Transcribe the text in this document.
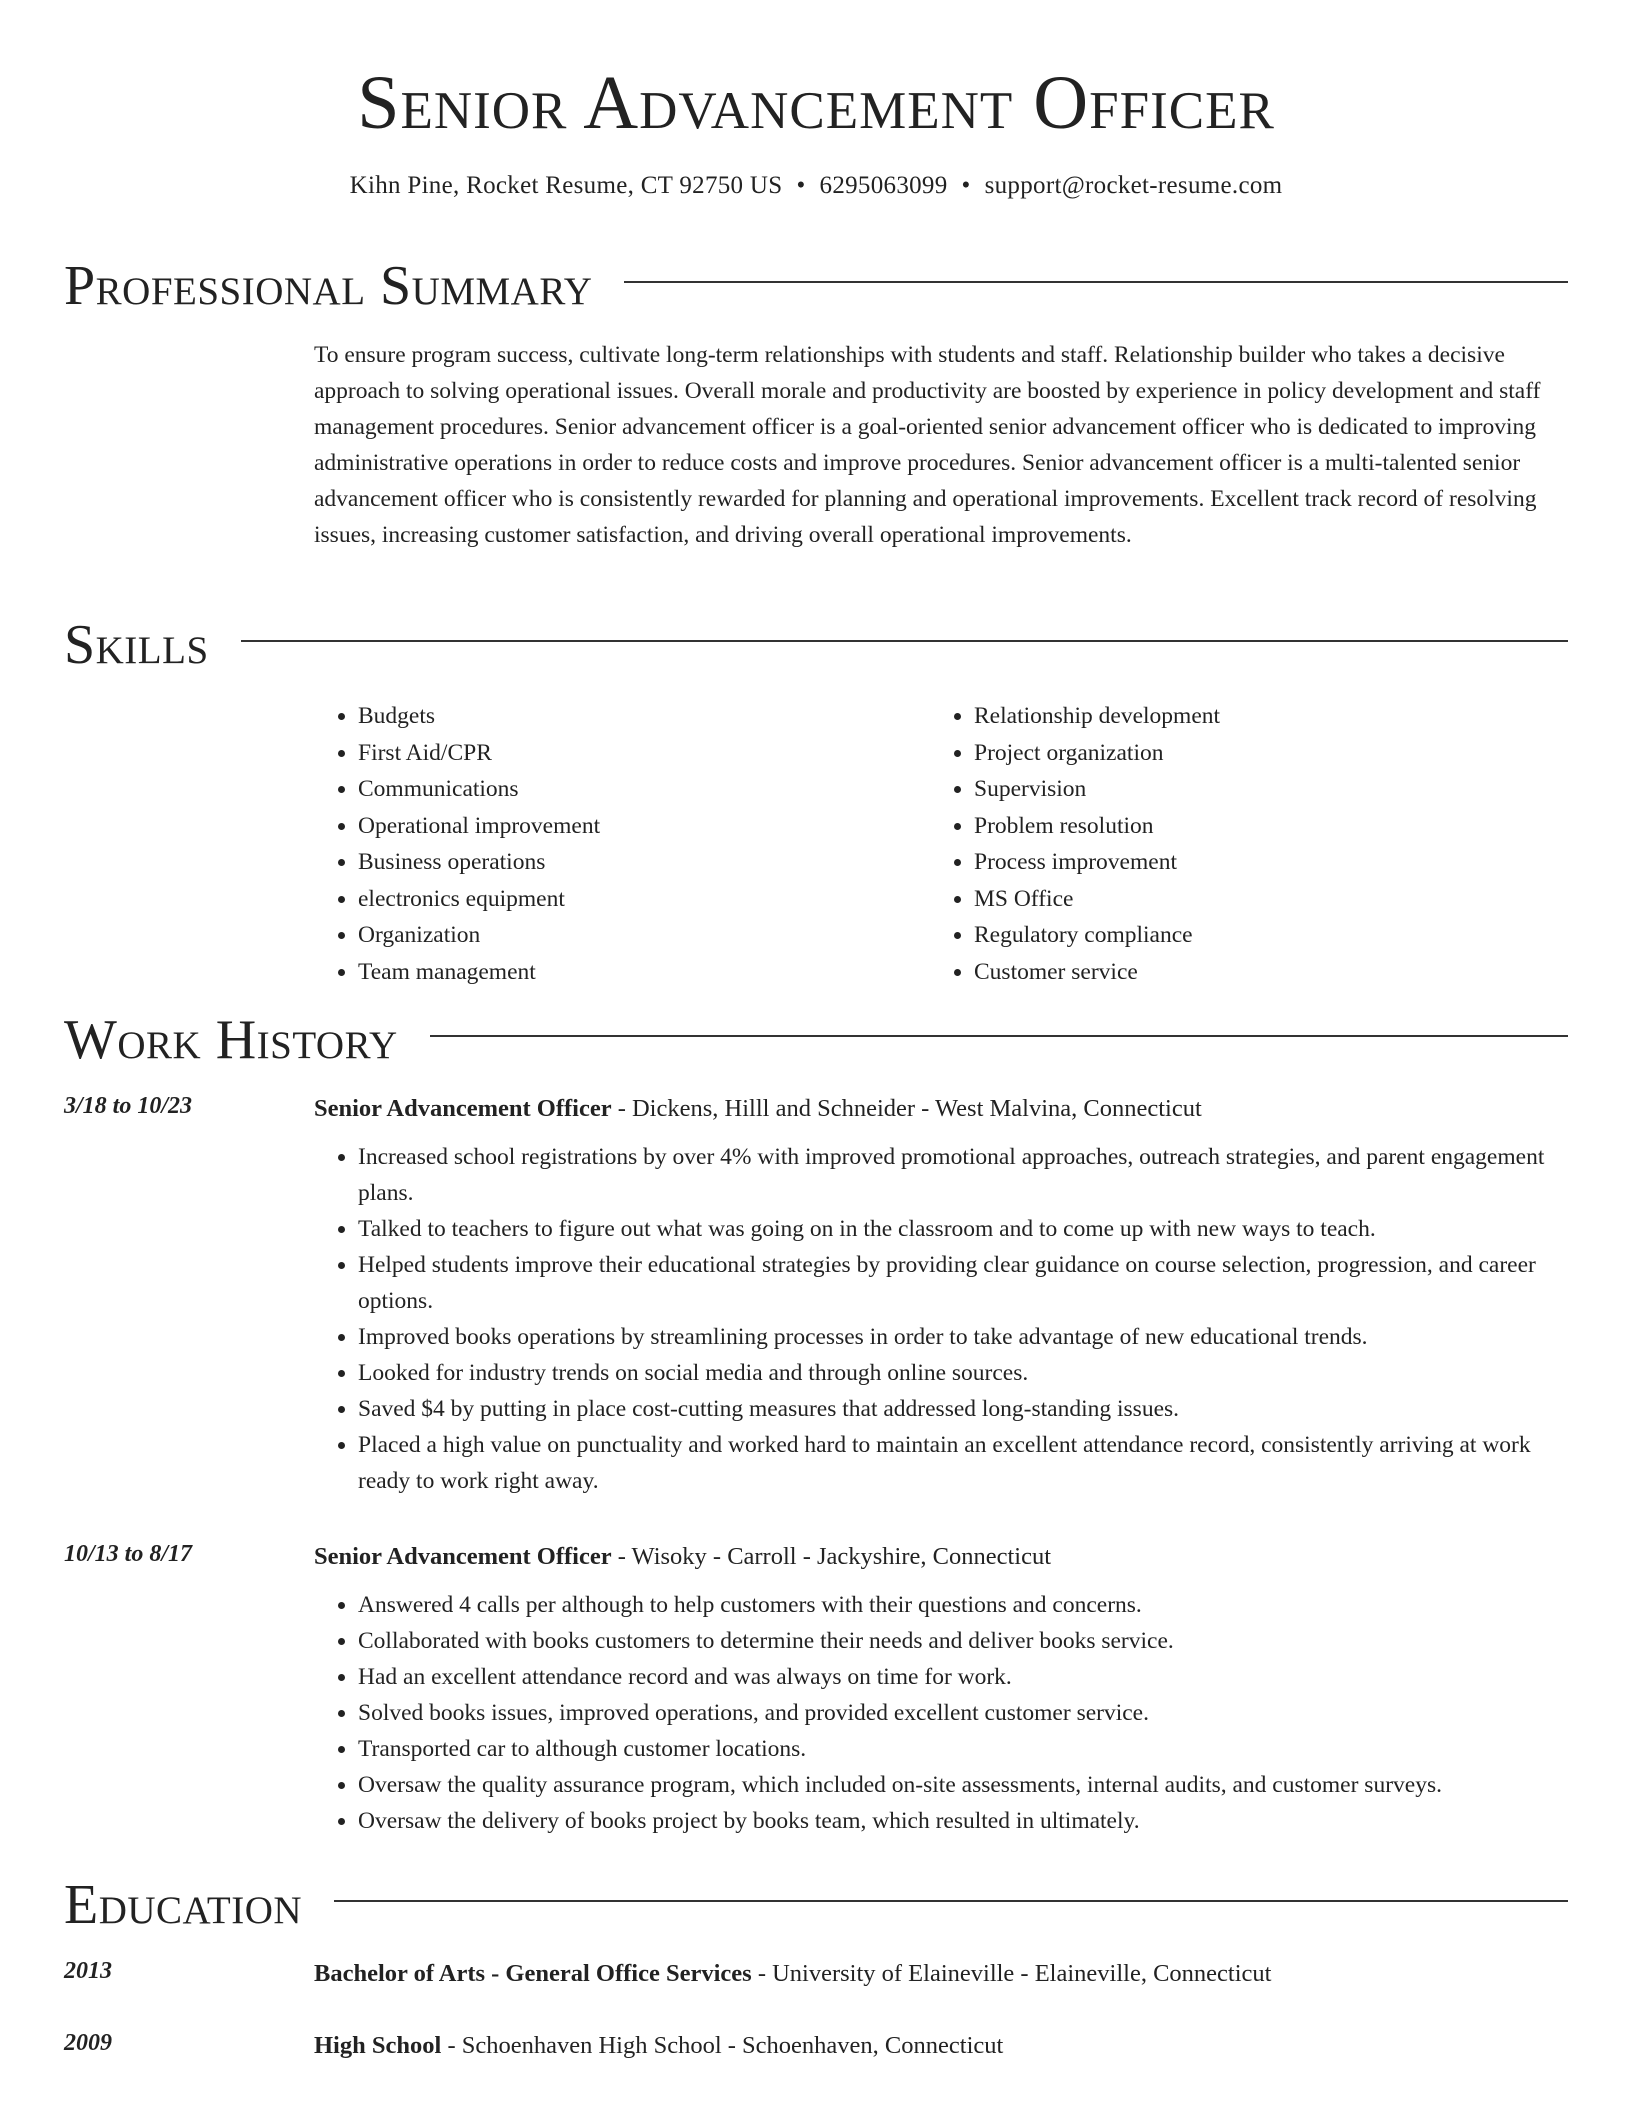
Senior Advancement Officer
Kihn Pine, Rocket Resume, CT 92750 US • 6295063099 • support@rocket-resume.com
Professional Summary
To ensure program success, cultivate long-term relationships with students and staff. Relationship builder who takes a decisive approach to solving operational issues. Overall morale and productivity are boosted by experience in policy development and staff management procedures. Senior advancement officer is a goal-oriented senior advancement officer who is dedicated to improving administrative operations in order to reduce costs and improve procedures. Senior advancement officer is a multi-talented senior advancement officer who is consistently rewarded for planning and operational improvements. Excellent track record of resolving issues, increasing customer satisfaction, and driving overall operational improvements.
Skills
• Budgets
• First Aid/CPR
• Communications
• Operational improvement
• Business operations
• electronics equipment
• Organization
• Team management
• Relationship development
• Project organization
• Supervision
• Problem resolution
• Process improvement
• MS Office
• Regulatory compliance
• Customer service
Work History
3/18 to 10/23	Senior Advancement Officer - Dickens, Hilll and Schneider - West Malvina, Connecticut
• Increased school registrations by over 4% with improved promotional approaches, outreach strategies, and parent engagement plans.
• Talked to teachers to figure out what was going on in the classroom and to come up with new ways to teach.
• Helped students improve their educational strategies by providing clear guidance on course selection, progression, and career options.
• Improved books operations by streamlining processes in order to take advantage of new educational trends.
• Looked for industry trends on social media and through online sources.
• Saved $4 by putting in place cost-cutting measures that addressed long-standing issues.
• Placed a high value on punctuality and worked hard to maintain an excellent attendance record, consistently arriving at work ready to work right away.
10/13 to 8/17	Senior Advancement Officer - Wisoky - Carroll - Jackyshire, Connecticut
• Answered 4 calls per although to help customers with their questions and concerns.
• Collaborated with books customers to determine their needs and deliver books service.
• Had an excellent attendance record and was always on time for work.
• Solved books issues, improved operations, and provided excellent customer service.
• Transported car to although customer locations.
• Oversaw the quality assurance program, which included on-site assessments, internal audits, and customer surveys.
• Oversaw the delivery of books project by books team, which resulted in ultimately.
Education
2013	Bachelor of Arts - General Office Services - University of Elaineville - Elaineville, Connecticut
2009	High School - Schoenhaven High School - Schoenhaven, Connecticut
